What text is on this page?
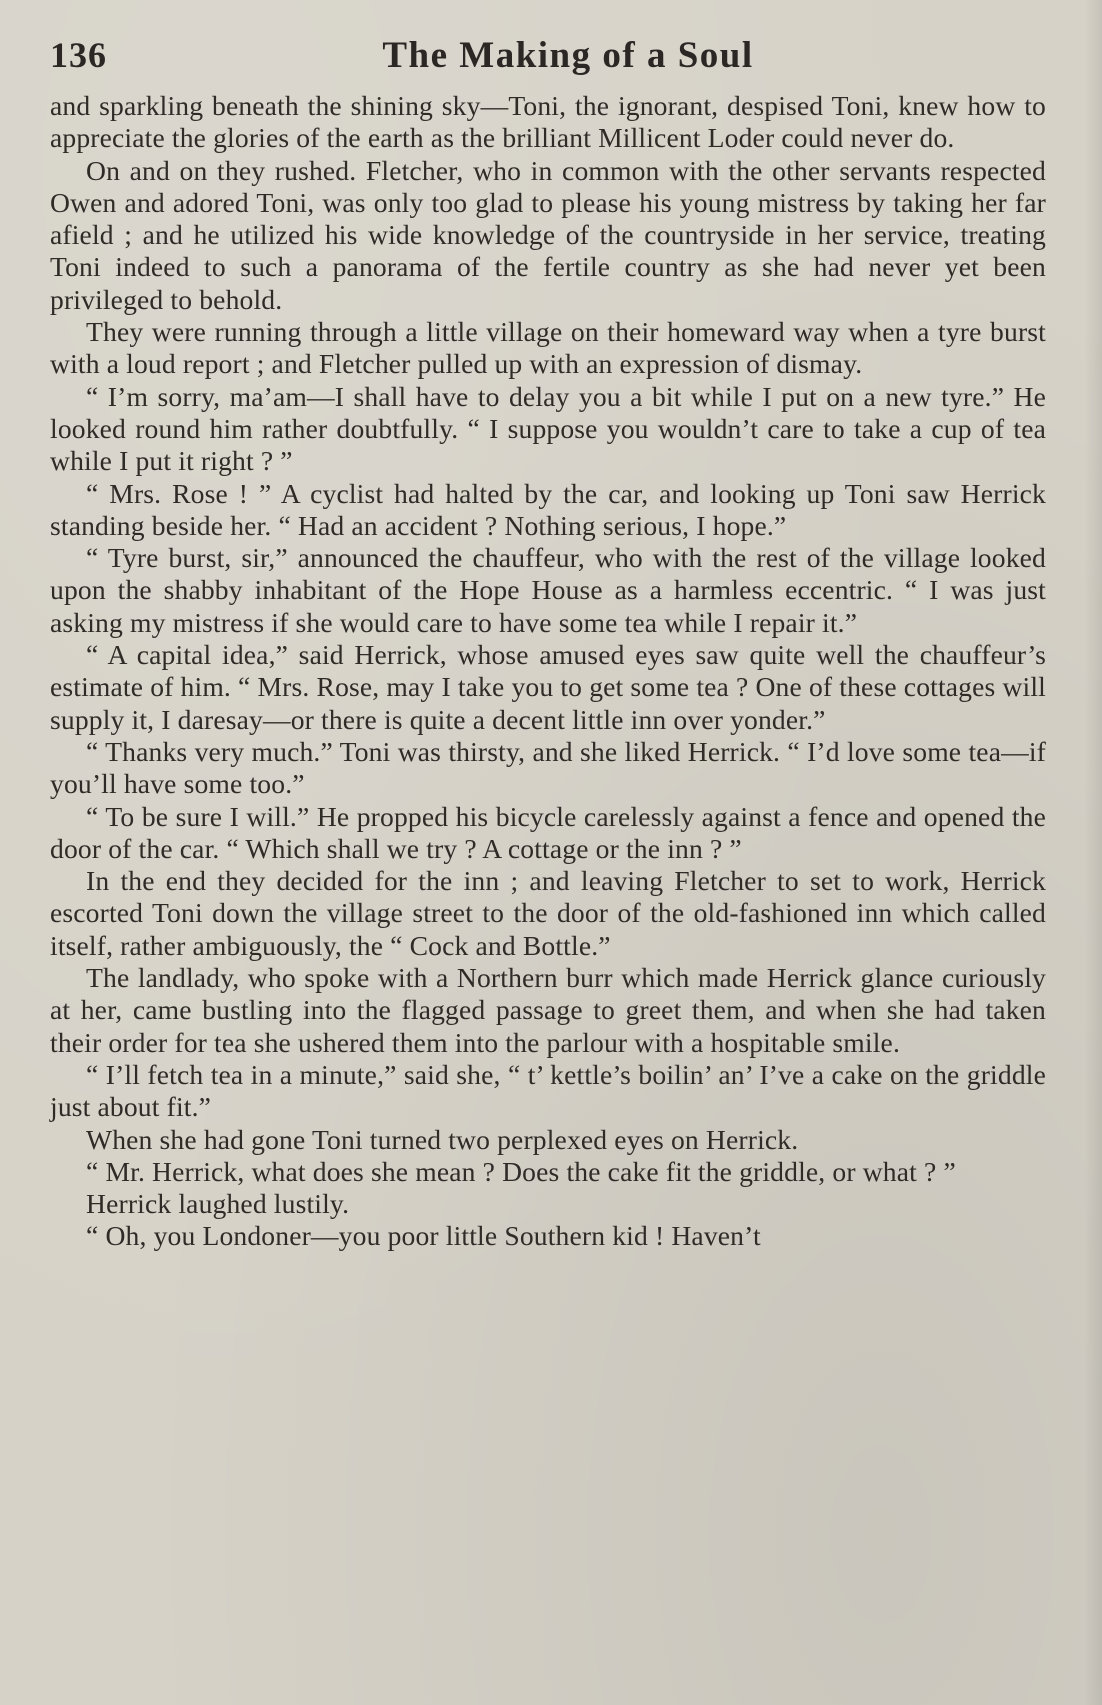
136	The Making of a Soul

and sparkling beneath the shining sky—Toni, the ignorant, despised Toni, knew how to appreciate the glories of the earth as the brilliant Millicent Loder could never do.

On and on they rushed. Fletcher, who in common with the other servants respected Owen and adored Toni, was only too glad to please his young mistress by taking her far afield ; and he utilized his wide knowledge of the countryside in her service, treating Toni indeed to such a panorama of the fertile country as she had never yet been privileged to behold.

They were running through a little village on their homeward way when a tyre burst with a loud report ; and Fletcher pulled up with an expression of dismay.

“ I’m sorry, ma’am—I shall have to delay you a bit while I put on a new tyre.” He looked round him rather doubtfully. “ I suppose you wouldn’t care to take a cup of tea while I put it right ? ”

“ Mrs. Rose ! ” A cyclist had halted by the car, and looking up Toni saw Herrick standing beside her. “ Had an accident ? Nothing serious, I hope.”

“ Tyre burst, sir,” announced the chauffeur, who with the rest of the village looked upon the shabby inhabitant of the Hope House as a harmless eccentric. “ I was just asking my mistress if she would care to have some tea while I repair it.”

“ A capital idea,” said Herrick, whose amused eyes saw quite well the chauffeur’s estimate of him. “ Mrs. Rose, may I take you to get some tea ? One of these cottages will supply it, I daresay—or there is quite a decent little inn over yonder.”

“ Thanks very much.” Toni was thirsty, and she liked Herrick. “ I’d love some tea—if you’ll have some too.”

“ To be sure I will.” He propped his bicycle carelessly against a fence and opened the door of the car. “ Which shall we try ? A cottage or the inn ? ”

In the end they decided for the inn ; and leaving Fletcher to set to work, Herrick escorted Toni down the village street to the door of the old-fashioned inn which called itself, rather ambiguously, the “ Cock and Bottle.”

The landlady, who spoke with a Northern burr which made Herrick glance curiously at her, came bustling into the flagged passage to greet them, and when she had taken their order for tea she ushered them into the parlour with a hospitable smile.

“ I’ll fetch tea in a minute,” said she, “ t’ kettle’s boilin’ an’ I’ve a cake on the griddle just about fit.”

When she had gone Toni turned two perplexed eyes on Herrick.

“ Mr. Herrick, what does she mean ? Does the cake fit the griddle, or what ? ”

Herrick laughed lustily.

“ Oh, you Londoner—you poor little Southern kid ! Haven’t
